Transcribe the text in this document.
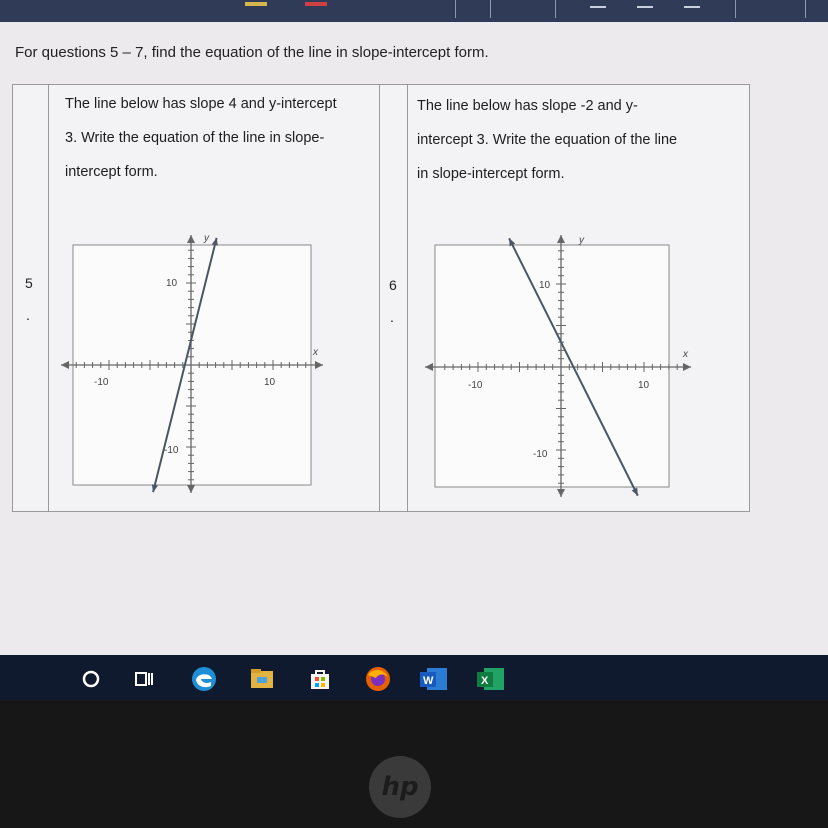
For questions 5 – 7, find the equation of the line in slope-intercept form.
5
.
The line below has slope 4 and y-intercept
3. Write the equation of the line in slope-
intercept form.
6
.
The line below has slope -2 and y-
intercept 3. Write the equation of the line
in slope-intercept form.
y
x
-10	10
10
-10
y
x
-10	10
10
-10
W	X
hp
